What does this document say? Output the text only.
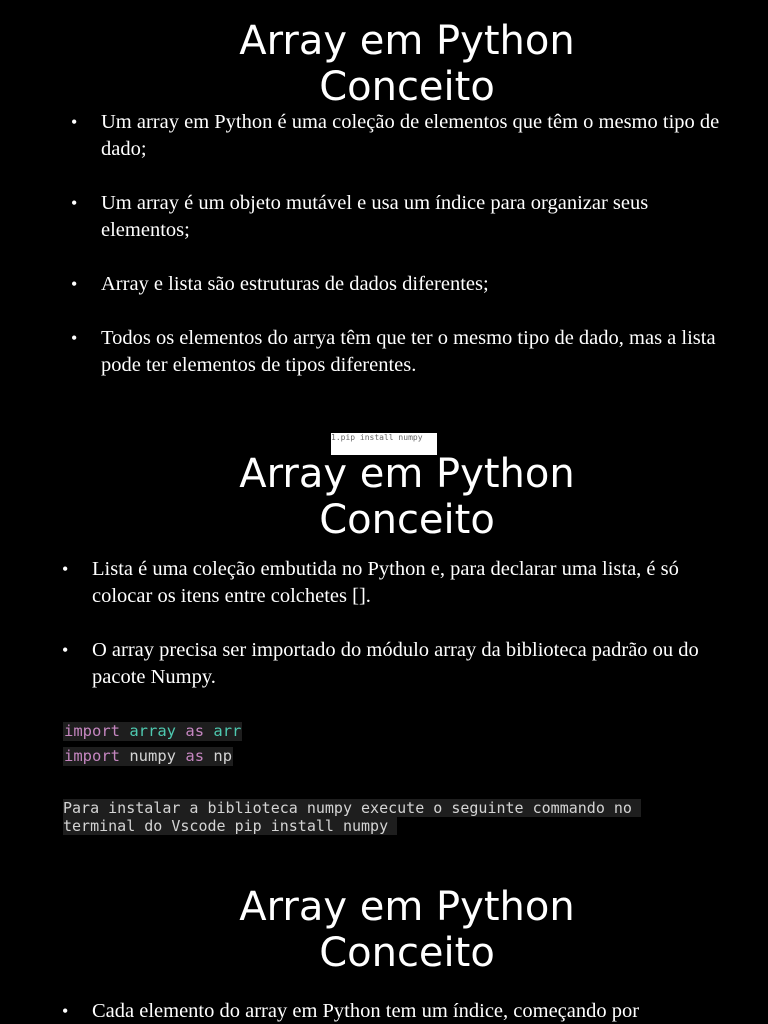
Array em Python
Conceito
•	Um array em Python é uma coleção de elementos que têm o mesmo tipo de dado;
•	Um array é um objeto mutável e usa um índice para organizar seus elementos;
•	Array e lista são estruturas de dados diferentes;
•	Todos os elementos do arrya têm que ter o mesmo tipo de dado, mas a lista pode ter elementos de tipos diferentes.
1.pip install numpy
Array em Python
Conceito
•	Lista é uma coleção embutida no Python e, para declarar uma lista, é só colocar os itens entre colchetes [].
•	O array precisa ser importado do módulo array da biblioteca padrão ou do pacote Numpy.
import array as arr
import numpy as np
Para instalar a biblioteca numpy execute o seguinte commando no terminal do Vscode pip install numpy
Array em Python
Conceito
•	Cada elemento do array em Python tem um índice, começando por
